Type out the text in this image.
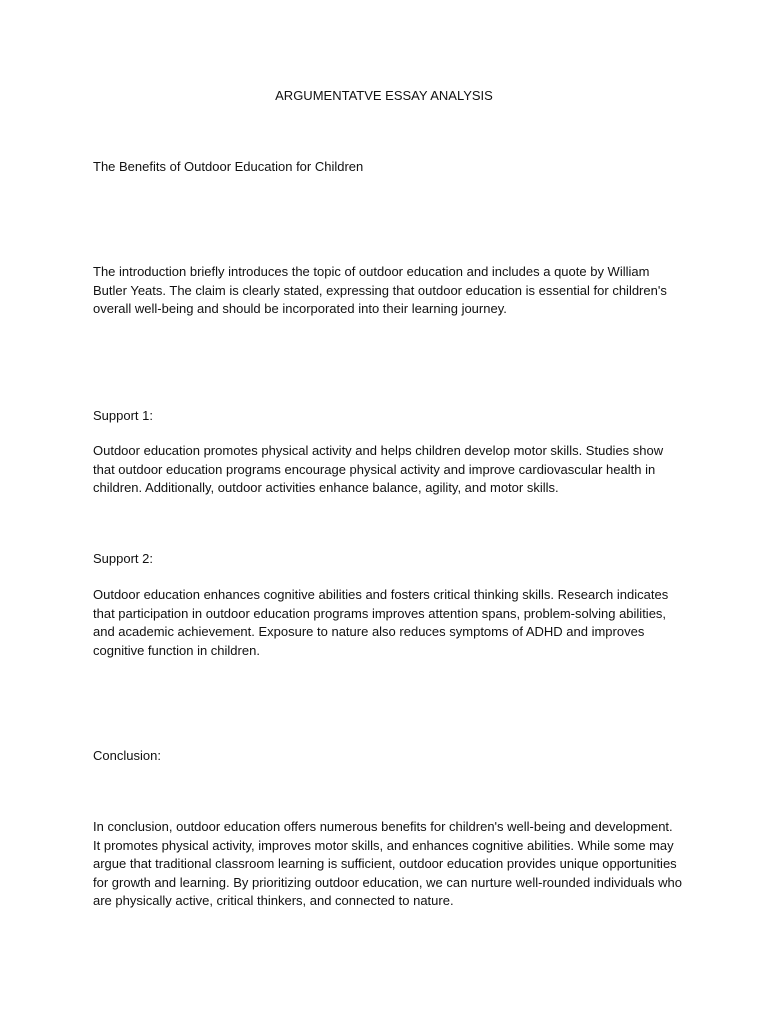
ARGUMENTATVE ESSAY ANALYSIS

The Benefits of Outdoor Education for Children

The introduction briefly introduces the topic of outdoor education and includes a quote by William Butler Yeats. The claim is clearly stated, expressing that outdoor education is essential for children's overall well-being and should be incorporated into their learning journey.

Support 1:

Outdoor education promotes physical activity and helps children develop motor skills. Studies show that outdoor education programs encourage physical activity and improve cardiovascular health in children. Additionally, outdoor activities enhance balance, agility, and motor skills.

Support 2:

Outdoor education enhances cognitive abilities and fosters critical thinking skills. Research indicates that participation in outdoor education programs improves attention spans, problem-solving abilities, and academic achievement. Exposure to nature also reduces symptoms of ADHD and improves cognitive function in children.

Conclusion:

In conclusion, outdoor education offers numerous benefits for children's well-being and development. It promotes physical activity, improves motor skills, and enhances cognitive abilities. While some may argue that traditional classroom learning is sufficient, outdoor education provides unique opportunities for growth and learning. By prioritizing outdoor education, we can nurture well-rounded individuals who are physically active, critical thinkers, and connected to nature.
